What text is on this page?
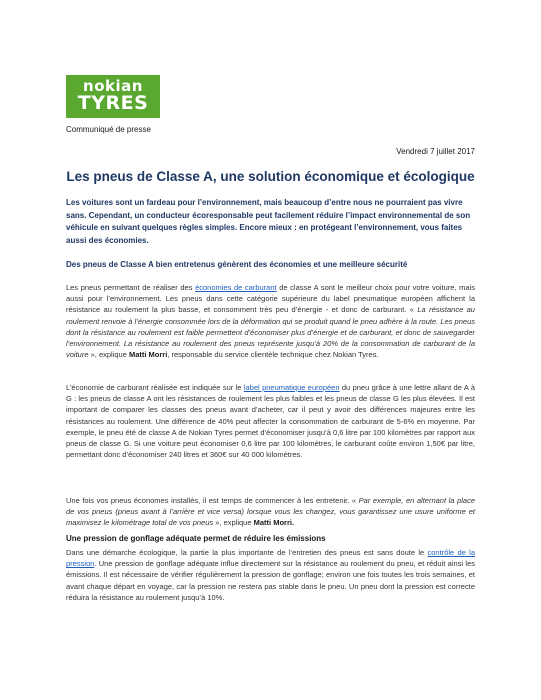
nokian
TYRES
Communiqué de presse
Vendredi 7 juillet 2017
Les pneus de Classe A, une solution économique et écologique

Les voitures sont un fardeau pour l’environnement, mais beaucoup d’entre nous ne pourraient pas vivre sans. Cependant, un conducteur écoresponsable peut facilement réduire l’impact environnemental de son véhicule en suivant quelques règles simples. Encore mieux : en protégeant l’environnement, vous faites aussi des économies.

Des pneus de Classe A bien entretenus génèrent des économies et une meilleure sécurité

Les pneus permettant de réaliser des économies de carburant de classe A sont le meilleur choix pour votre voiture, mais aussi pour l’environnement. Les pneus dans cette catégorie supérieure du label pneumatique européen affichent la résistance au roulement la plus basse, et consomment très peu d’énergie - et donc de carburant. « La résistance au roulement renvoie à l’énergie consommée lors de la déformation qui se produit quand le pneu adhère à la route. Les pneus dont la résistance au roulement est faible permettent d’économiser plus d’énergie et de carburant, et donc de sauvegarder l’environnement. La résistance au roulement des pneus représente jusqu’à 20% de la consommation de carburant de la voiture », explique Matti Morri, responsable du service clientèle technique chez Nokian Tyres.

L’économie de carburant réalisée est indiquée sur le label pneumatique européen du pneu grâce à une lettre allant de A à G : les pneus de classe A ont les résistances de roulement les plus faibles et les pneus de classe G les plus élevées. Il est important de comparer les classes des pneus avant d’acheter, car il peut y avoir des différences majeures entre les résistances au roulement. Une différence de 40% peut affecter la consommation de carburant de 5-6% en moyenne. Par exemple, le pneu été de classe A de Nokian Tyres permet d’économiser jusqu’à 0,6 litre par 100 kilomètres par rapport aux pneus de classe G. Si une voiture peut économiser 0,6 litre par 100 kilomètres, le carburant coûte environ 1,50€ par litre, permettant donc d’économiser 240 litres et 360€ sur 40 000 kilomètres.

Une fois vos pneus économes installés, il est temps de commencer à les entretenir. « Par exemple, en alternant la place de vos pneus (pneus avant à l’arrière et vice versa) lorsque vous les changez, vous garantissez une usure uniforme et maximisez le kilométrage total de vos pneus », explique Matti Morri.

Une pression de gonflage adéquate permet de réduire les émissions

Dans une démarche écologique, la partie la plus importante de l’entretien des pneus est sans doute le contrôle de la pression. Une pression de gonflage adéquate influe directement sur la résistance au roulement du pneu, et réduit ainsi les émissions. Il est nécessaire de vérifier régulièrement la pression de gonflage; environ une fois toutes les trois semaines, et avant chaque départ en voyage, car la pression ne restera pas stable dans le pneu. Un pneu dont la pression est correcte réduira la résistance au roulement jusqu’à 10%.
